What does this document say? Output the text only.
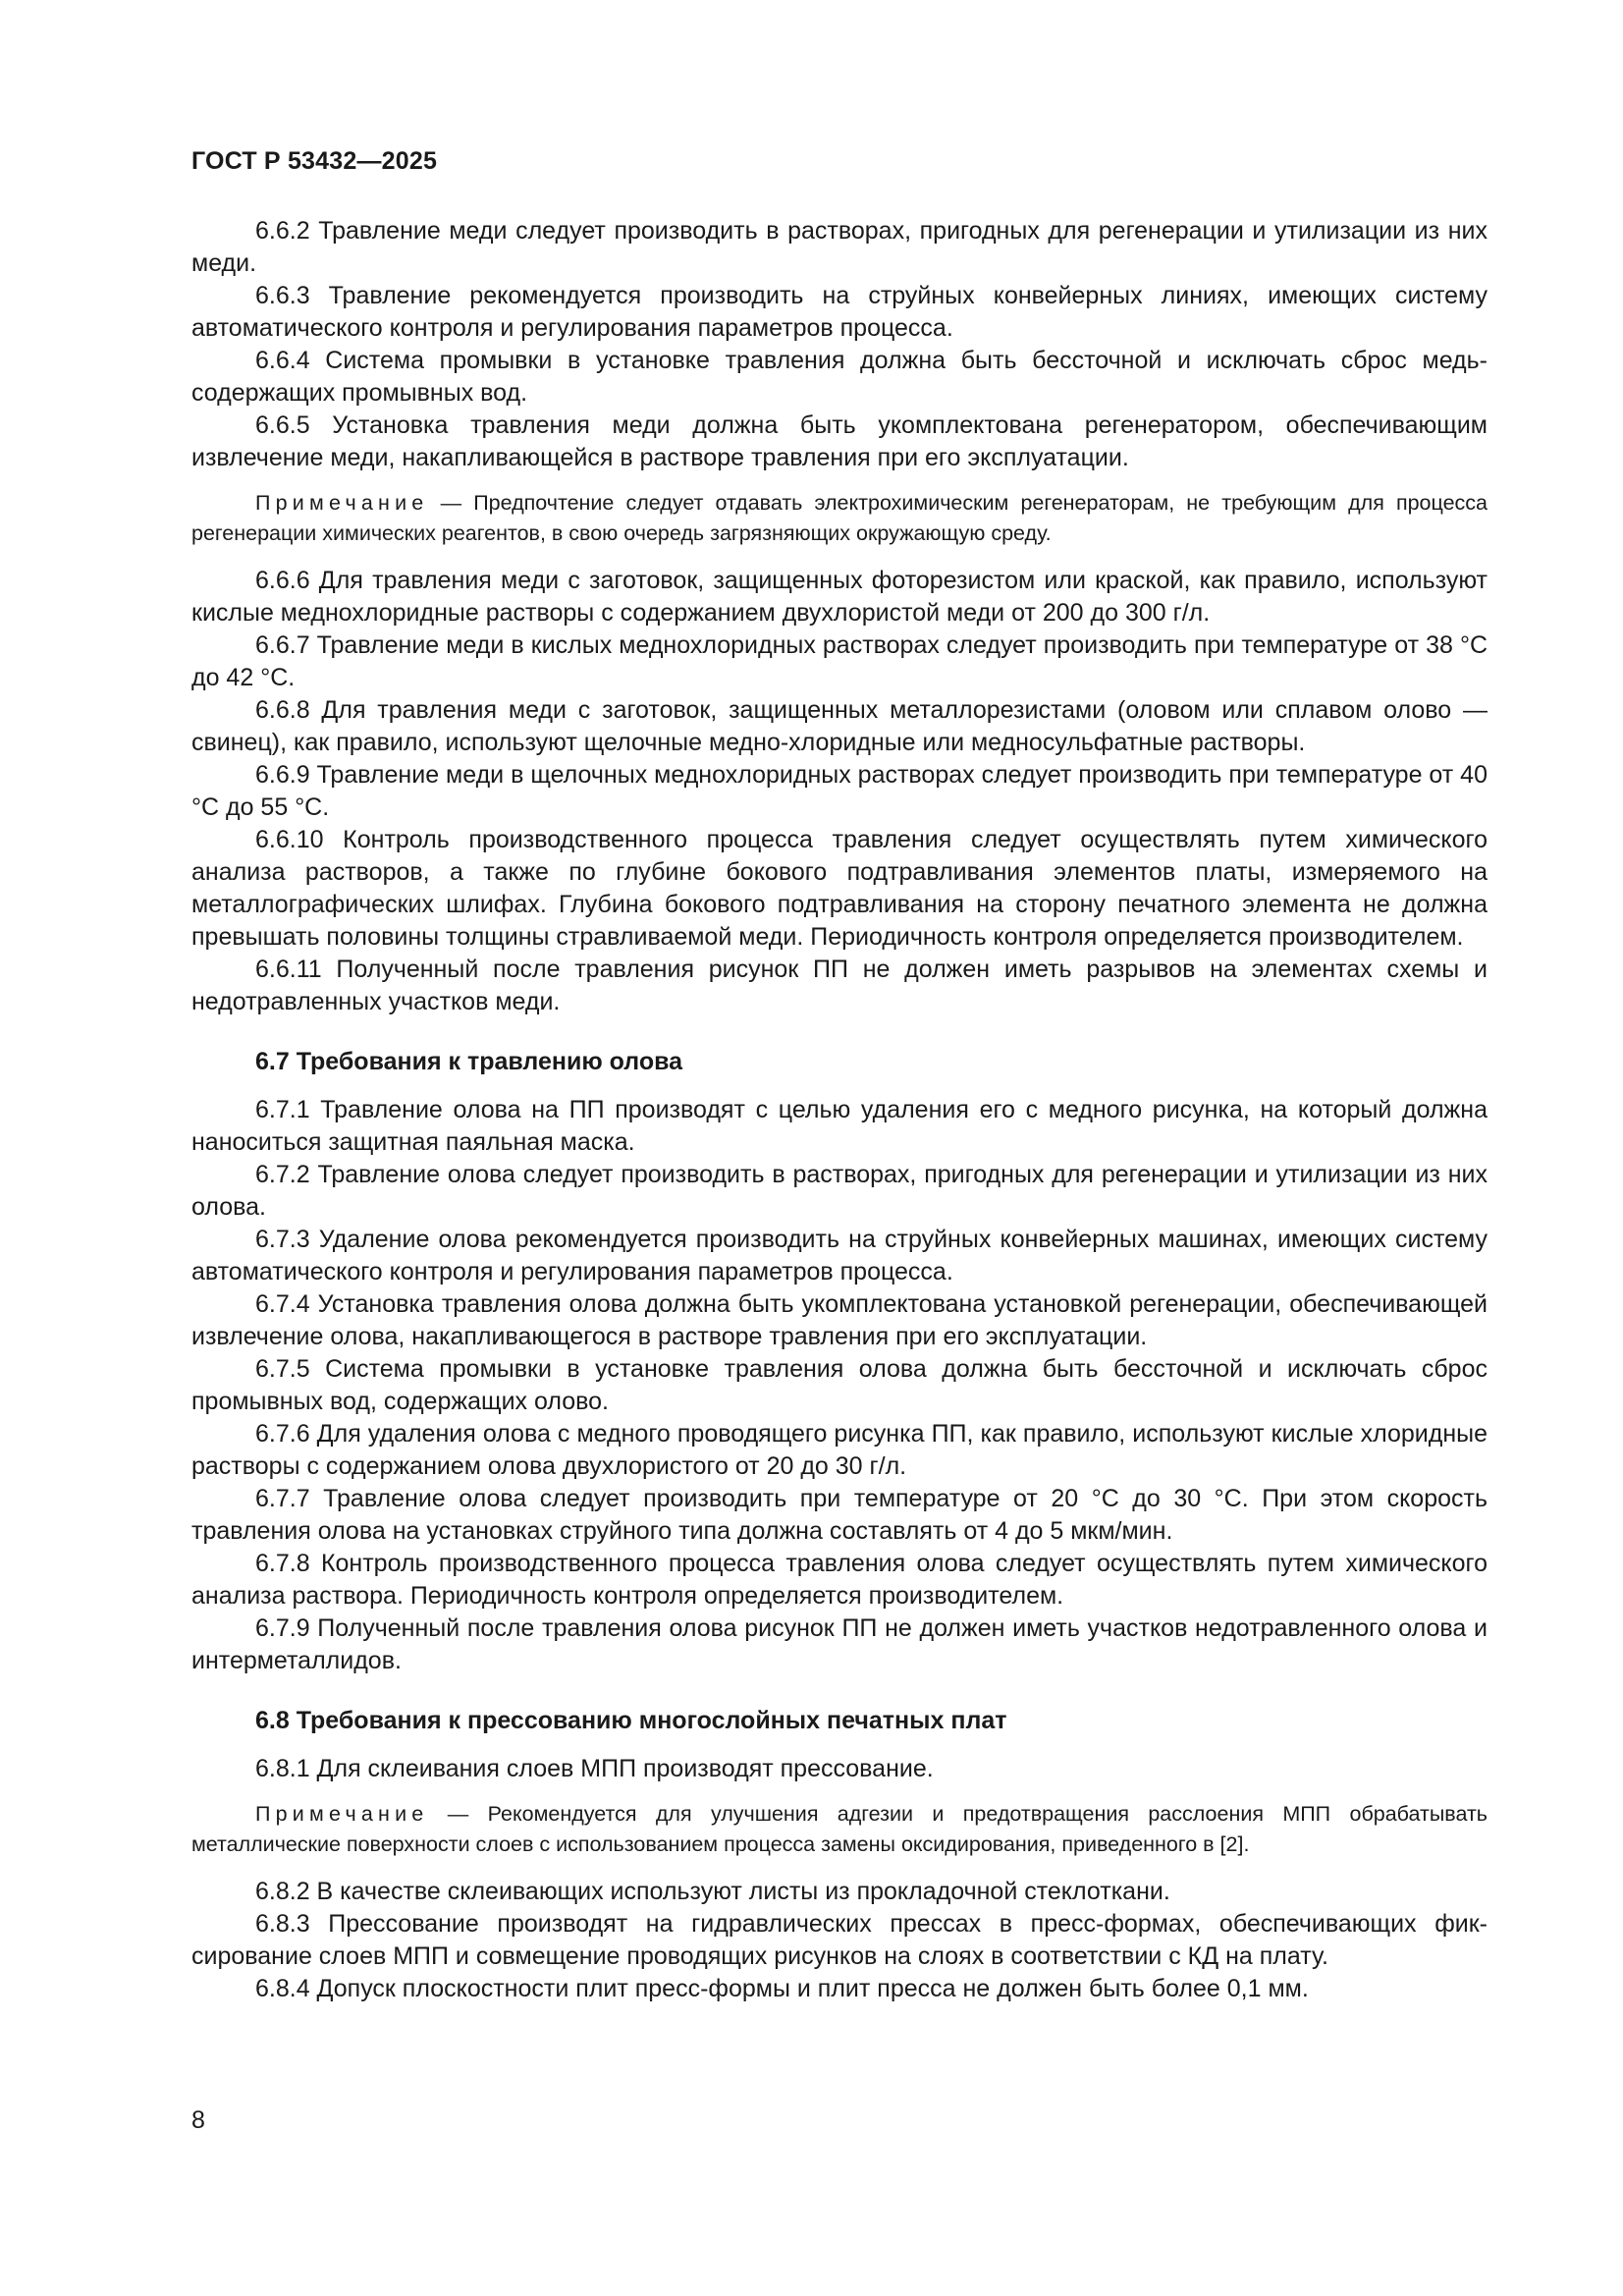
ГОСТ Р 53432—2025

6.6.2 Травление меди следует производить в растворах, пригодных для регенерации и утилизации из них меди.

6.6.3 Травление рекомендуется производить на струйных конвейерных линиях, имеющих систему автоматического контроля и регулирования параметров процесса.

6.6.4 Система промывки в установке травления должна быть бессточной и исключать сброс медьсодержащих промывных вод.

6.6.5 Установка травления меди должна быть укомплектована регенератором, обеспечивающим извлечение меди, накапливающейся в растворе травления при его эксплуатации.

Примечание — Предпочтение следует отдавать электрохимическим регенераторам, не требующим для процесса регенерации химических реагентов, в свою очередь загрязняющих окружающую среду.

6.6.6 Для травления меди с заготовок, защищенных фоторезистом или краской, как правило, используют кислые меднохлоридные растворы с содержанием двухлористой меди от 200 до 300 г/л.

6.6.7 Травление меди в кислых меднохлоридных растворах следует производить при температуре от 38 °С до 42 °С.

6.6.8 Для травления меди с заготовок, защищенных металлорезистами (оловом или сплавом олово — свинец), как правило, используют щелочные медно-хлоридные или медносульфатные растворы.

6.6.9 Травление меди в щелочных меднохлоридных растворах следует производить при температуре от 40 °С до 55 °С.

6.6.10 Контроль производственного процесса травления следует осуществлять путем химического анализа растворов, а также по глубине бокового подтравливания элементов платы, измеряемого на металлографических шлифах. Глубина бокового подтравливания на сторону печатного элемента не должна превышать половины толщины стравливаемой меди. Периодичность контроля определяется производителем.

6.6.11 Полученный после травления рисунок ПП не должен иметь разрывов на элементах схемы и недотравленных участков меди.

6.7 Требования к травлению олова

6.7.1 Травление олова на ПП производят с целью удаления его с медного рисунка, на который должна наноситься защитная паяльная маска.

6.7.2 Травление олова следует производить в растворах, пригодных для регенерации и утилизации из них олова.

6.7.3 Удаление олова рекомендуется производить на струйных конвейерных машинах, имеющих систему автоматического контроля и регулирования параметров процесса.

6.7.4 Установка травления олова должна быть укомплектована установкой регенерации, обеспечивающей извлечение олова, накапливающегося в растворе травления при его эксплуатации.

6.7.5 Система промывки в установке травления олова должна быть бессточной и исключать сброс промывных вод, содержащих олово.

6.7.6 Для удаления олова с медного проводящего рисунка ПП, как правило, используют кислые хлоридные растворы с содержанием олова двухлористого от 20 до 30 г/л.

6.7.7 Травление олова следует производить при температуре от 20 °С до 30 °С. При этом скорость травления олова на установках струйного типа должна составлять от 4 до 5 мкм/мин.

6.7.8 Контроль производственного процесса травления олова следует осуществлять путем химического анализа раствора. Периодичность контроля определяется производителем.

6.7.9 Полученный после травления олова рисунок ПП не должен иметь участков недотравленного олова и интерметаллидов.

6.8 Требования к прессованию многослойных печатных плат

6.8.1 Для склеивания слоев МПП производят прессование.

Примечание — Рекомендуется для улучшения адгезии и предотвращения расслоения МПП обрабатывать металлические поверхности слоев с использованием процесса замены оксидирования, приведенного в [2].

6.8.2 В качестве склеивающих используют листы из прокладочной стеклоткани.

6.8.3 Прессование производят на гидравлических прессах в пресс-формах, обеспечивающих фиксирование слоев МПП и совмещение проводящих рисунков на слоях в соответствии с КД на плату.

6.8.4 Допуск плоскостности плит пресс-формы и плит пресса не должен быть более 0,1 мм.

8
